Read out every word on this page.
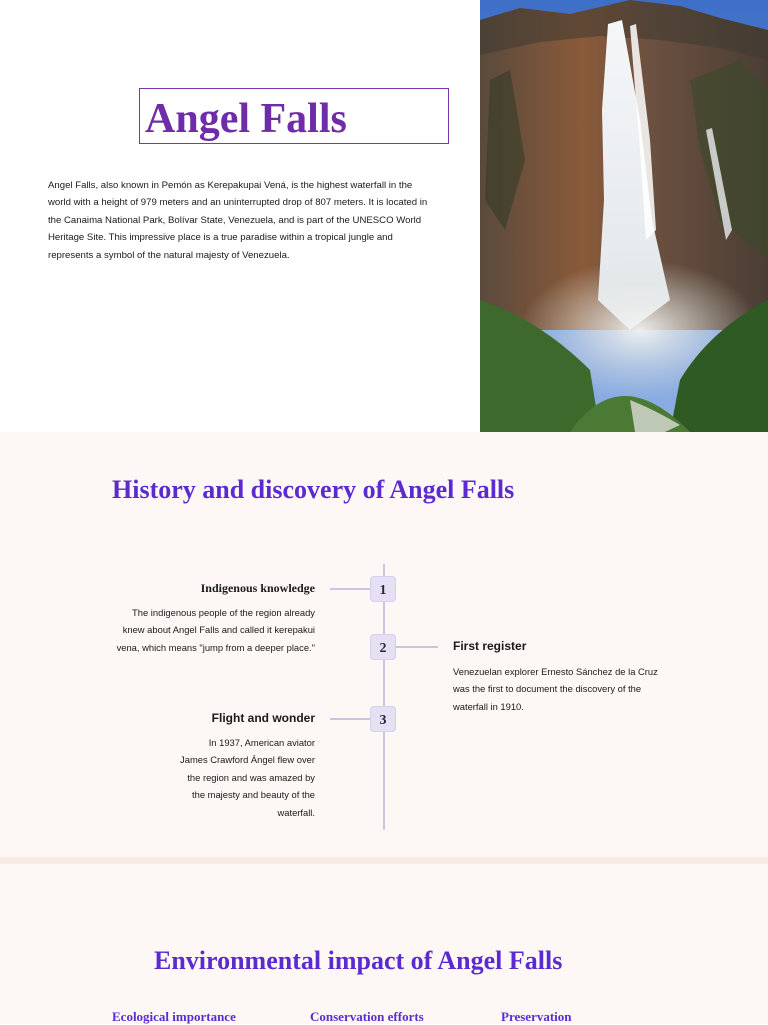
Angel Falls

Angel Falls, also known in Pemón as Kerepakupai Vená, is the highest waterfall in the world with a height of 979 meters and an uninterrupted drop of 807 meters. It is located in the Canaima National Park, Bolívar State, Venezuela, and is part of the UNESCO World Heritage Site. This impressive place is a true paradise within a tropical jungle and represents a symbol of the natural majesty of Venezuela.

History and discovery of Angel Falls
1
Indigenous knowledge

The indigenous people of the region already knew about Angel Falls and called it kerepakui vena, which means "jump from a deeper place."	2	First register

Venezuelan explorer Ernesto Sánchez de la Cruz was the first to document the discovery of the waterfall in 1910.

3
Flight and wonder

In 1937, American aviator James Crawford Ángel flew over the region and was amazed by the majesty and beauty of the waterfall.

Environmental impact of Angel Falls
Ecological importance	Conservation efforts	Preservation
